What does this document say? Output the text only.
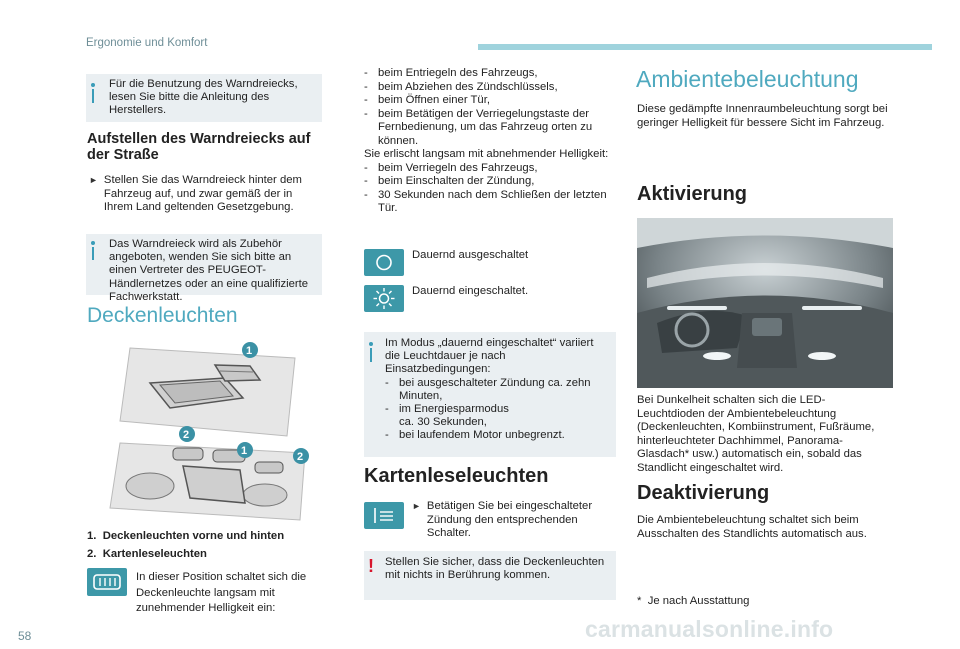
Ergonomie und Komfort
58	carmanualsonline.info
Für die Benutzung des Warndreiecks, lesen Sie bitte die Anleitung des Herstellers.
Aufstellen des Warndreiecks auf der Straße
► Stellen Sie das Warndreieck hinter dem Fahrzeug auf, und zwar gemäß der in Ihrem Land geltenden Gesetzgebung.
Das Warndreieck wird als Zubehör angeboten, wenden Sie sich bitte an einen Vertreter des PEUGEOT-Händlernetzes oder an eine qualifizierte Fachwerkstatt.
Deckenleuchten
1
2
1	2
1. Deckenleuchten vorne und hinten
2. Kartenleseleuchten
In dieser Position schaltet sich die Deckenleuchte langsam mit zunehmender Helligkeit ein:
- beim Entriegeln des Fahrzeugs,
- beim Abziehen des Zündschlüssels,
- beim Öffnen einer Tür,
- beim Betätigen der Verriegelungstaste der Fernbedienung, um das Fahrzeug orten zu können.
Sie erlischt langsam mit abnehmender Helligkeit:
- beim Verriegeln des Fahrzeugs,
- beim Einschalten der Zündung,
- 30 Sekunden nach dem Schließen der letzten Tür.
Dauernd ausgeschaltet
Dauernd eingeschaltet.
Im Modus „dauernd eingeschaltet“ variiert die Leuchtdauer je nach Einsatzbedingungen:
- bei ausgeschalteter Zündung ca. zehn Minuten,
- im Energiesparmodus ca. 30 Sekunden,
- bei laufendem Motor unbegrenzt.
Kartenleseleuchten
► Betätigen Sie bei eingeschalteter Zündung den entsprechenden Schalter.
! Stellen Sie sicher, dass die Deckenleuchten mit nichts in Berührung kommen.
Ambientebeleuchtung
Diese gedämpfte Innenraumbeleuchtung sorgt bei geringer Helligkeit für bessere Sicht im Fahrzeug.
Aktivierung
Bei Dunkelheit schalten sich die LED-Leuchtdioden der Ambientebeleuchtung (Deckenleuchten, Kombiinstrument, Fußräume, hinterleuchteter Dachhimmel, Panorama-Glasdach* usw.) automatisch ein, sobald das Standlicht eingeschaltet wird.
Deaktivierung
Die Ambientebeleuchtung schaltet sich beim Ausschalten des Standlichts automatisch aus.
* Je nach Ausstattung
